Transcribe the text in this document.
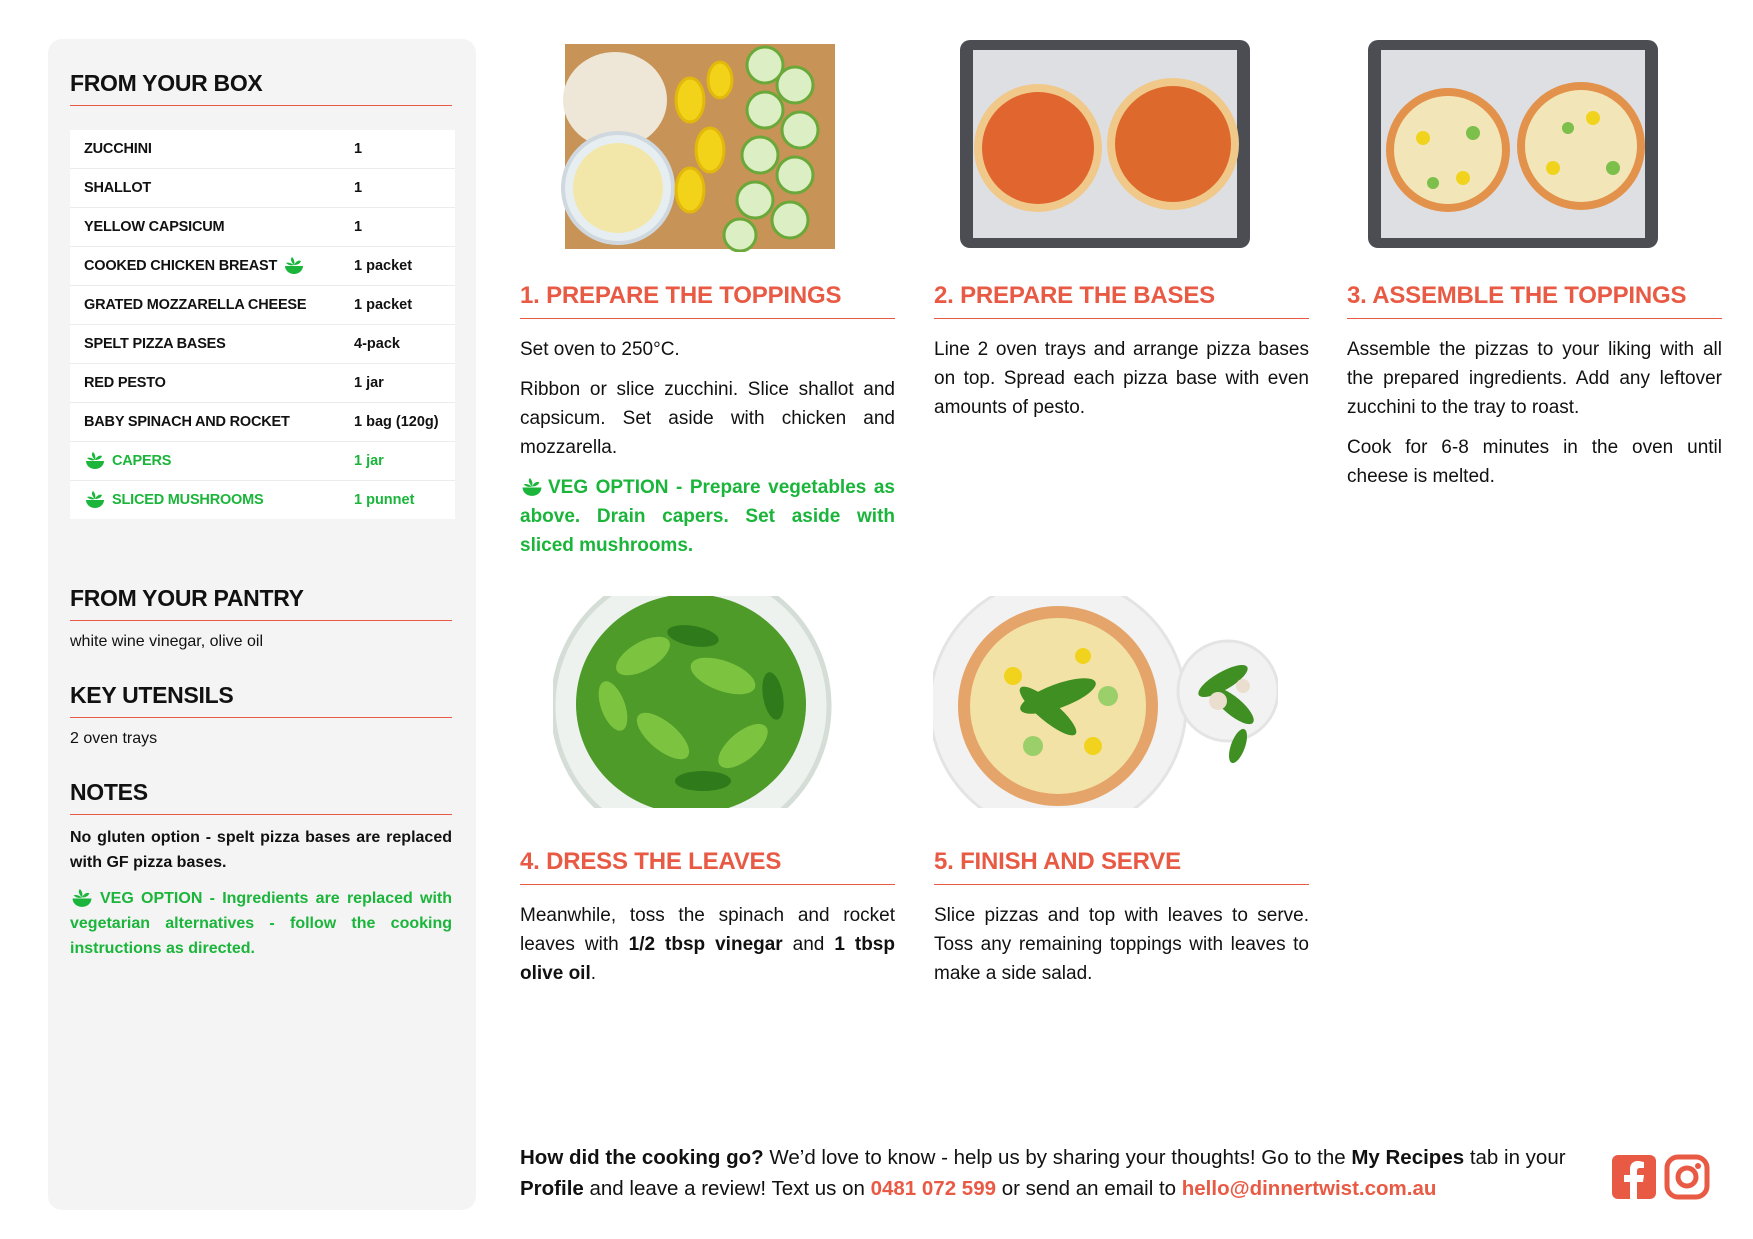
FROM YOUR BOX
ZUCCHINI	1
SHALLOT	1
YELLOW CAPSICUM	1
COOKED CHICKEN BREAST	1 packet
GRATED MOZZARELLA CHEESE	1 packet
SPELT PIZZA BASES	4-pack
RED PESTO	1 jar
BABY SPINACH AND ROCKET	1 bag (120g)
CAPERS	1 jar
SLICED MUSHROOMS	1 punnet
FROM YOUR PANTRY
white wine vinegar, olive oil
KEY UTENSILS
2 oven trays
NOTES
No gluten option - spelt pizza bases are replaced with GF pizza bases.
VEG OPTION - Ingredients are replaced with vegetarian alternatives - follow the cooking instructions as directed.
1. PREPARE THE TOPPINGS

Set oven to 250°C.

Ribbon or slice zucchini. Slice shallot and capsicum. Set aside with chicken and mozzarella.

VEG OPTION - Prepare vegetables as above. Drain capers. Set aside with sliced mushrooms.

2. PREPARE THE BASES

Line 2 oven trays and arrange pizza bases on top. Spread each pizza base with even amounts of pesto.

3. ASSEMBLE THE TOPPINGS

Assemble the pizzas to your liking with all the prepared ingredients. Add any leftover zucchini to the tray to roast.

Cook for 6-8 minutes in the oven until cheese is melted.

4. DRESS THE LEAVES

Meanwhile, toss the spinach and rocket leaves with 1/2 tbsp vinegar and 1 tbsp olive oil.

5. FINISH AND SERVE

Slice pizzas and top with leaves to serve. Toss any remaining toppings with leaves to make a side salad.

How did the cooking go? We’d love to know - help us by sharing your thoughts! Go to the My Recipes tab in your Profile and leave a review! Text us on 0481 072 599 or send an email to hello@dinnertwist.com.au
